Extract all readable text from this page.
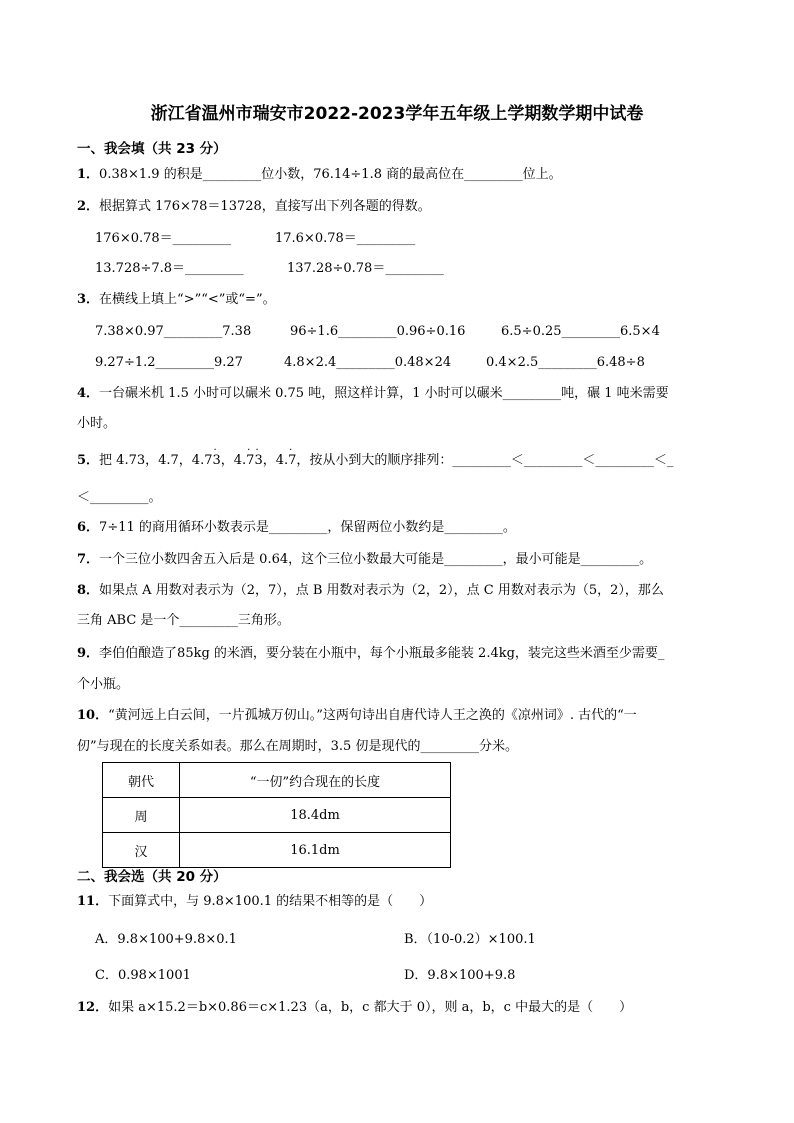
浙江省温州市瑞安市2022-2023学年五年级上学期数学期中试卷
一、我会填（共 23 分）
1．0.38×1.9 的积是_________位小数，76.14÷1.8 商的最高位在_________位上。
2．根据算式 176×78＝13728，直接写出下列各题的得数。
176×0.78＝_________	17.6×0.78＝_________
13.728÷7.8＝_________	137.28÷0.78＝_________
3．在横线上填上“>”“<”或“=”。
7.38×0.97_________7.38	96÷1.6_________0.96÷0.16	6.5÷0.25_________6.5×4
9.27÷1.2_________9.27	4.8×2.4_________0.48×24	0.4×2.5_________6.48÷8
4．一台碾米机 1.5 小时可以碾米 0.75 吨，照这样计算，1 小时可以碾米_________吨，碾 1 吨米需要
小时。
5．把 4.73，4.7，4.7
·
3，4.
·
7
·
3，4.
·
7，按从小到大的顺序排列：_________＜_________＜_________＜_
＜_________。
6．7÷11 的商用循环小数表示是_________，保留两位小数约是_________。
7．一个三位小数四舍五入后是 0.64，这个三位小数最大可能是_________，最小可能是_________。
8．如果点 A 用数对表示为（2，7），点 B 用数对表示为（2，2），点 C 用数对表示为（5，2），那么
三角 ABC 是一个_________三角形。
9．李伯伯酿造了85kg 的米酒，要分装在小瓶中，每个小瓶最多能装 2.4kg，装完这些米酒至少需要_
个小瓶。
10．“黄河远上白云间，一片孤城万仞山。”这两句诗出自唐代诗人王之涣的《凉州词》. 古代的“一
仞”与现在的长度关系如表。那么在周期时，3.5 仞是现代的_________分米。
朝代	“一仞”约合现在的长度
周	18.4dm
汉	16.1dm
二、我会选（共 20 分）
11．下面算式中，与 9.8×100.1 的结果不相等的是（　　）
A．9.8×100+9.8×0.1	B．（10-0.2）×100.1
C．0.98×1001	D．9.8×100+9.8
12．如果 a×15.2＝b×0.86＝c×1.23（a，b，c 都大于 0），则 a，b，c 中最大的是（　　）
